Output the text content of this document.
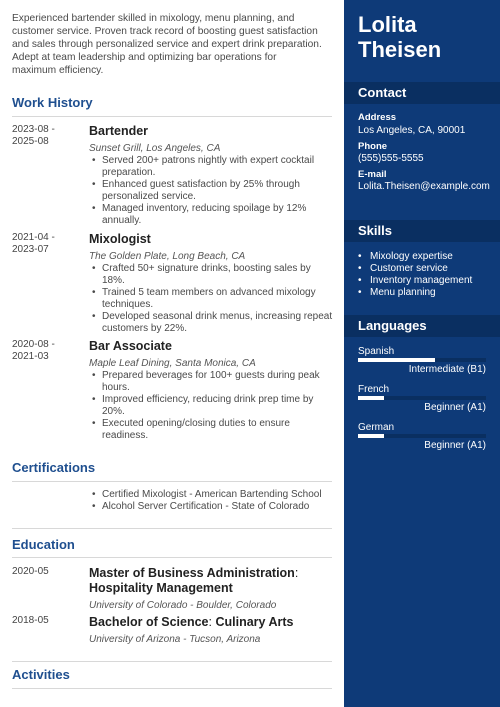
Experienced bartender skilled in mixology, menu planning, and customer service. Proven track record of boosting guest satisfaction and sales through personalized service and expert drink preparation. Adept at team leadership and optimizing bar operations for maximum efficiency.

Work History
2023-08 -
2025-08
Bartender
Sunset Grill, Los Angeles, CA
• Served 200+ patrons nightly with expert cocktail preparation.
• Enhanced guest satisfaction by 25% through personalized service.
• Managed inventory, reducing spoilage by 12% annually.
2021-04 -
2023-07
Mixologist
The Golden Plate, Long Beach, CA
• Crafted 50+ signature drinks, boosting sales by 18%.
• Trained 5 team members on advanced mixology techniques.
• Developed seasonal drink menus, increasing repeat customers by 22%.
2020-08 -
2021-03
Bar Associate
Maple Leaf Dining, Santa Monica, CA
• Prepared beverages for 100+ guests during peak hours.
• Improved efficiency, reducing drink prep time by 20%.
• Executed opening/closing duties to ensure readiness.
Certifications
• Certified Mixologist - American Bartending School
• Alcohol Server Certification - State of Colorado
Education
2020-05	Master of Business Administration: Hospitality Management
University of Colorado - Boulder, Colorado
2018-05	Bachelor of Science: Culinary Arts
University of Arizona - Tucson, Arizona
Activities
Lolita
Theisen
Contact
Address
Los Angeles, CA, 90001
Phone
(555)555-5555
E-mail
Lolita.Theisen@example.com
Skills
• Mixology expertise
• Customer service
• Inventory management
• Menu planning
Languages
Spanish
Intermediate (B1)
French
Beginner (A1)
German
Beginner (A1)
